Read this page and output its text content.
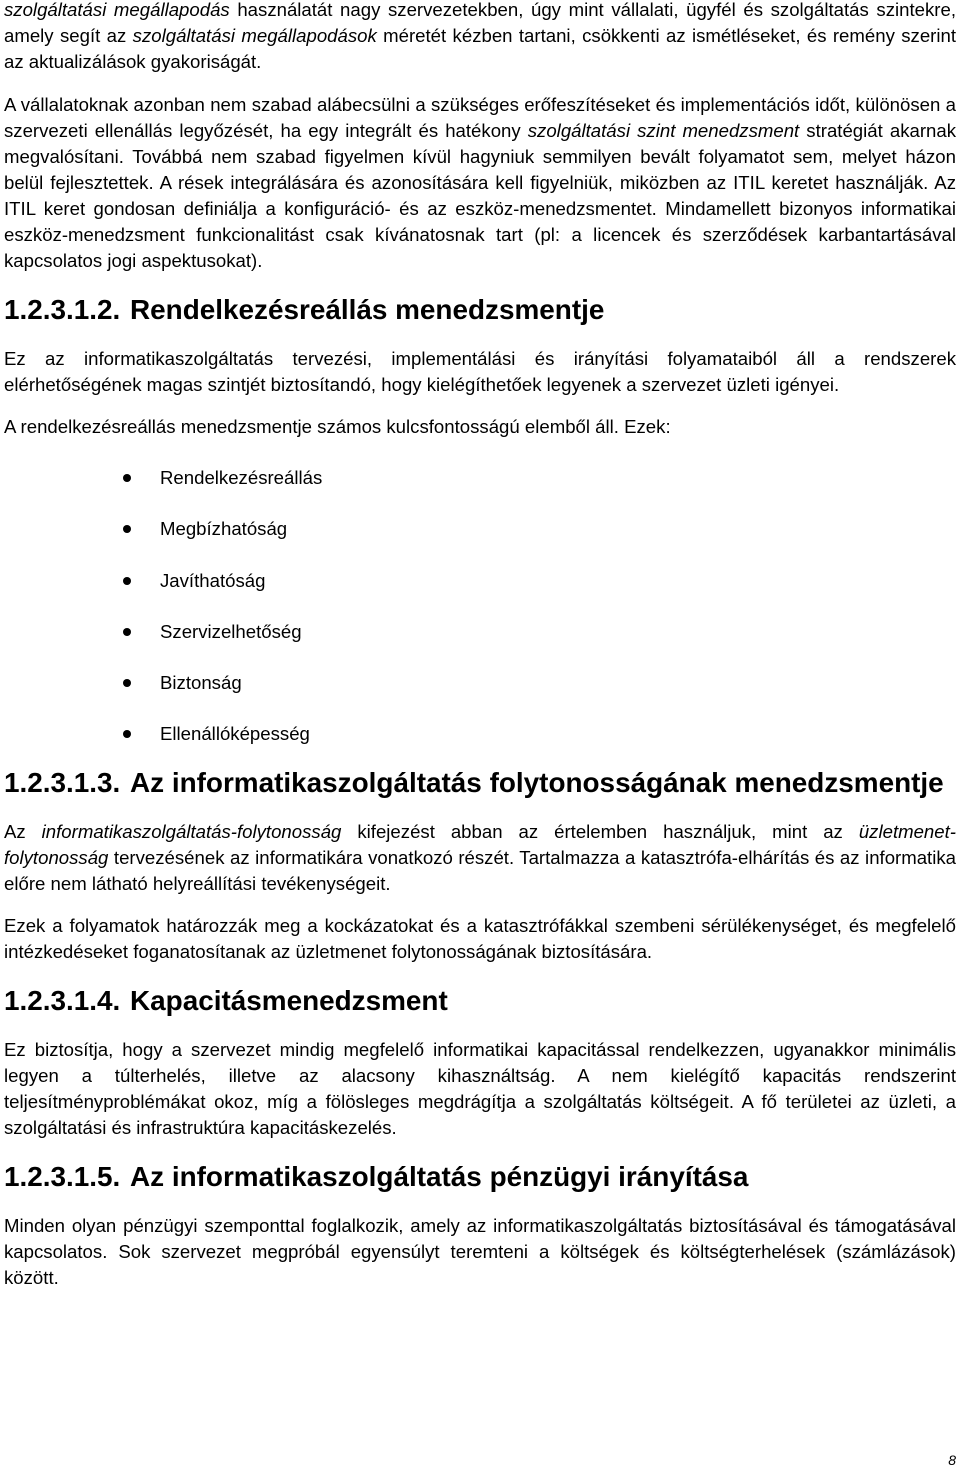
szolgáltatási megállapodás használatát nagy szervezetekben, úgy mint vállalati, ügyfél és szolgáltatás szintekre, amely segít az szolgáltatási megállapodások méretét kézben tartani, csökkenti az ismétléseket, és remény szerint az aktualizálások gyakoriságát.

A vállalatoknak azonban nem szabad alábecsülni a szükséges erőfeszítéseket és implementációs időt, különösen a szervezeti ellenállás legyőzését, ha egy integrált és hatékony szolgáltatási szint menedzsment stratégiát akarnak megvalósítani. Továbbá nem szabad figyelmen kívül hagyniuk semmilyen bevált folyamatot sem, melyet házon belül fejlesztettek. A rések integrálására és azonosítására kell figyelniük, miközben az ITIL keretet használják. Az ITIL keret gondosan definiálja a konfiguráció- és az eszköz-menedzsmentet. Mindamellett bizonyos informatikai eszköz-menedzsment funkcionalitást csak kívánatosnak tart (pl: a licencek és szerződések karbantartásával kapcsolatos jogi aspektusokat).

1.2.3.1.2. Rendelkezésreállás menedzsmentje

Ez az informatikaszolgáltatás tervezési, implementálási és irányítási folyamataiból áll a rendszerek elérhetőségének magas szintjét biztosítandó, hogy kielégíthetőek legyenek a szervezet üzleti igényei.

A rendelkezésreállás menedzsmentje számos kulcsfontosságú elemből áll. Ezek:

Rendelkezésreállás
Megbízhatóság
Javíthatóság
Szervizelhetőség
Biztonság
Ellenállóképesség
1.2.3.1.3. Az informatikaszolgáltatás folytonosságának menedzsmentje

Az informatikaszolgáltatás-folytonosság kifejezést abban az értelemben használjuk, mint az üzletmenet-folytonosság tervezésének az informatikára vonatkozó részét. Tartalmazza a katasztrófa-elhárítás és az informatika előre nem látható helyreállítási tevékenységeit.

Ezek a folyamatok határozzák meg a kockázatokat és a katasztrófákkal szembeni sérülékenységet, és megfelelő intézkedéseket foganatosítanak az üzletmenet folytonosságának biztosítására.

1.2.3.1.4. Kapacitásmenedzsment

Ez biztosítja, hogy a szervezet mindig megfelelő informatikai kapacitással rendelkezzen, ugyanakkor minimális legyen a túlterhelés, illetve az alacsony kihasználtság. A nem kielégítő kapacitás rendszerint teljesítményproblémákat okoz, míg a fölösleges megdrágítja a szolgáltatás költségeit. A fő területei az üzleti, a szolgáltatási és infrastruktúra kapacitáskezelés.

1.2.3.1.5. Az informatikaszolgáltatás pénzügyi irányítása

Minden olyan pénzügyi szemponttal foglalkozik, amely az informatikaszolgáltatás biztosításával és támogatásával kapcsolatos. Sok szervezet megpróbál egyensúlyt teremteni a költségek és költségterhelések (számlázások) között.

8
